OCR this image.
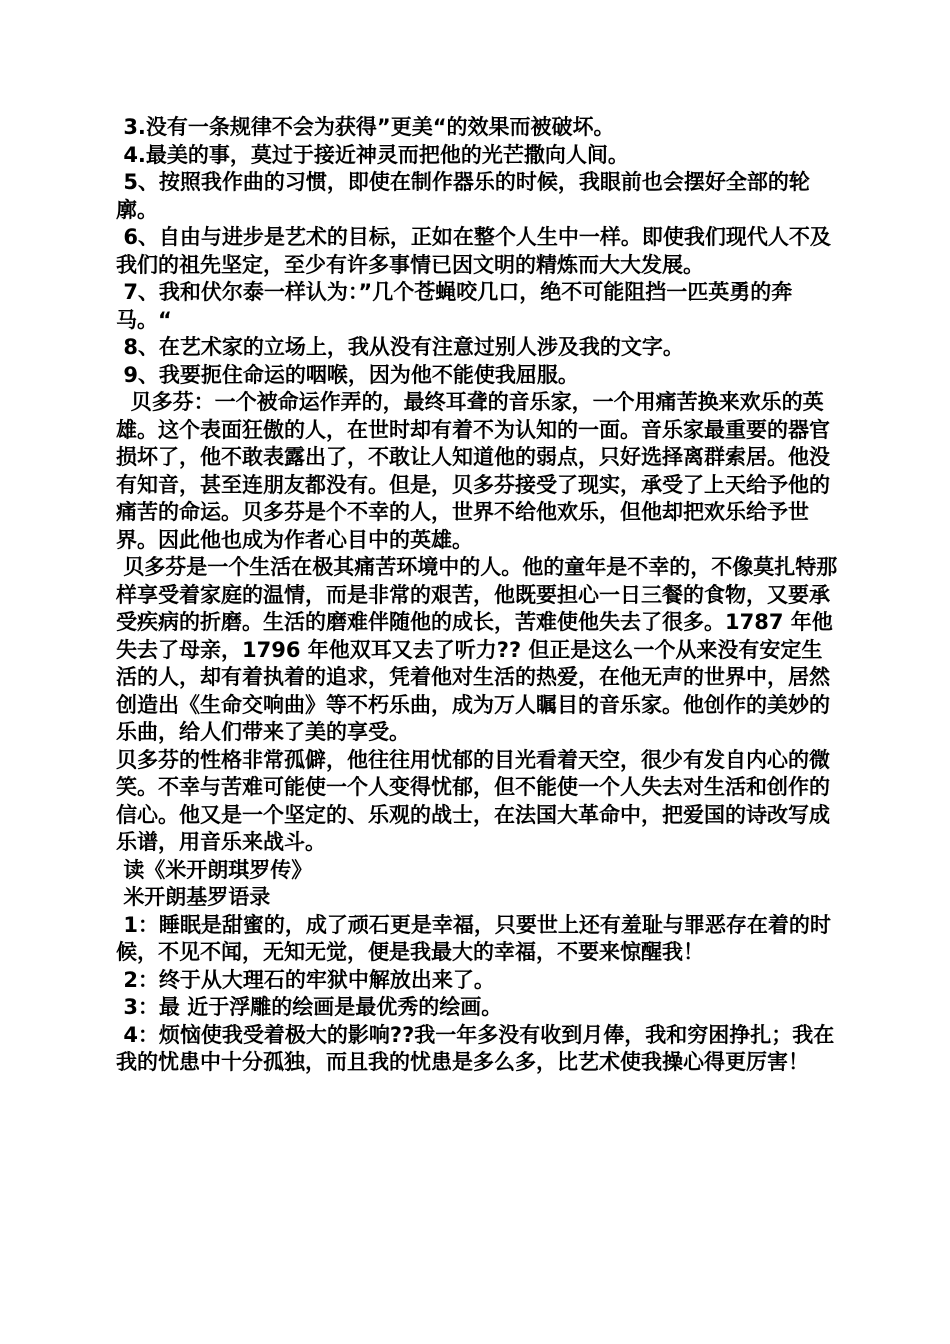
3.没有一条规律不会为获得”更美“的效果而被破坏。

4.最美的事，莫过于接近神灵而把他的光芒撒向人间。

5、按照我作曲的习惯，即使在制作器乐的时候，我眼前也会摆好全部的轮廓。

6、自由与进步是艺术的目标，正如在整个人生中一样。即使我们现代人不及我们的祖先坚定，至少有许多事情已因文明的精炼而大大发展。

7、我和伏尔泰一样认为：”几个苍蝇咬几口，绝不可能阻挡一匹英勇的奔马。“

8、在艺术家的立场上，我从没有注意过别人涉及我的文字。

9、我要扼住命运的咽喉，因为他不能使我屈服。

贝多芬：一个被命运作弄的，最终耳聋的音乐家，一个用痛苦换来欢乐的英雄。这个表面狂傲的人，在世时却有着不为认知的一面。音乐家最重要的器官损坏了，他不敢表露出了，不敢让人知道他的弱点，只好选择离群索居。他没有知音，甚至连朋友都没有。但是，贝多芬接受了现实，承受了上天给予他的痛苦的命运。贝多芬是个不幸的人，世界不给他欢乐，但他却把欢乐给予世界。因此他也成为作者心目中的英雄。

贝多芬是一个生活在极其痛苦环境中的人。他的童年是不幸的，不像莫扎特那样享受着家庭的温情，而是非常的艰苦，他既要担心一日三餐的食物，又要承受疾病的折磨。生活的磨难伴随他的成长，苦难使他失去了很多。1787 年他失去了母亲，1796 年他双耳又去了听力?? 但正是这么一个从来没有安定生活的人，却有着执着的追求，凭着他对生活的热爱，在他无声的世界中，居然创造出《生命交响曲》等不朽乐曲，成为万人瞩目的音乐家。他创作的美妙的乐曲，给人们带来了美的享受。

贝多芬的性格非常孤僻，他往往用忧郁的目光看着天空，很少有发自内心的微笑。不幸与苦难可能使一个人变得忧郁，但不能使一个人失去对生活和创作的信心。他又是一个坚定的、乐观的战士，在法国大革命中，把爱国的诗改写成乐谱，用音乐来战斗。

读《米开朗琪罗传》

米开朗基罗语录

1：睡眠是甜蜜的，成了顽石更是幸福，只要世上还有羞耻与罪恶存在着的时候，不见不闻，无知无觉，便是我最大的幸福，不要来惊醒我！

2：终于从大理石的牢狱中解放出来了。

3：最 近于浮雕的绘画是最优秀的绘画。

4：烦恼使我受着极大的影响??我一年多没有收到月俸，我和穷困挣扎；我在我的忧患中十分孤独，而且我的忧患是多么多，比艺术使我操心得更厉害！
